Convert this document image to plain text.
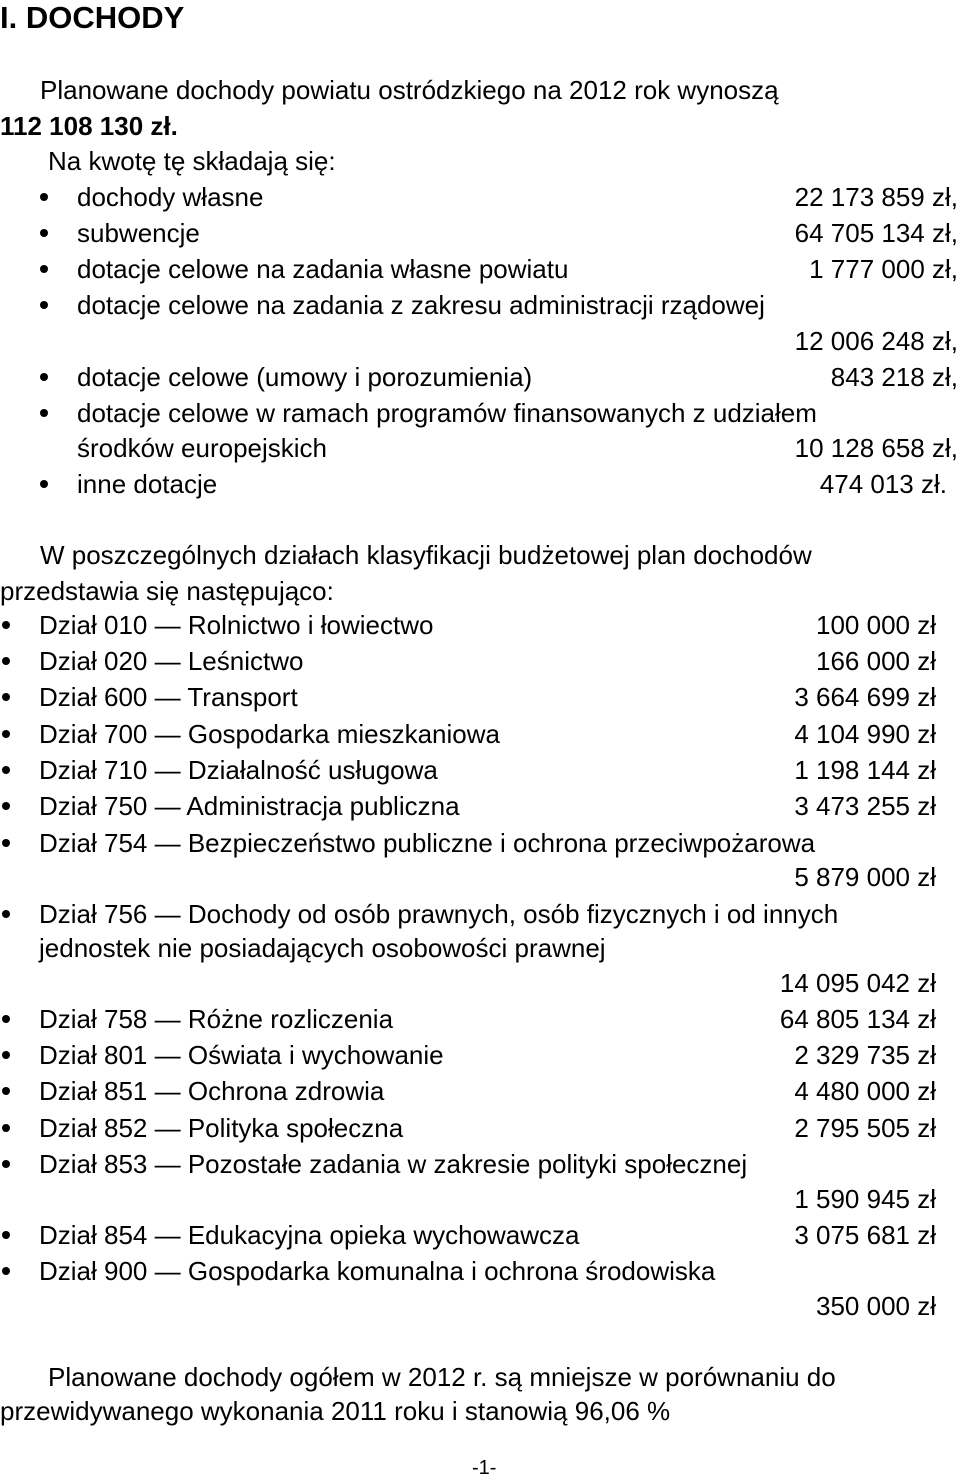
I. DOCHODY
Planowane dochody powiatu ostródzkiego na 2012 rok wynoszą
112 108 130 zł.
Na kwotę tę składają się:
dochody własne	22 173 859 zł,
subwencje	64 705 134 zł,
dotacje celowe na zadania własne powiatu	1 777 000 zł,
dotacje celowe na zadania z zakresu administracji rządowej
12 006 248 zł,
dotacje celowe (umowy i porozumienia)	843 218 zł,
dotacje celowe w ramach programów finansowanych z udziałem
środków europejskich	10 128 658 zł,
inne dotacje	474 013 zł.
W poszczególnych działach klasyfikacji budżetowej plan dochodów
przedstawia się następująco:
Dział 010 — Rolnictwo i łowiectwo	100 000 zł
Dział 020 — Leśnictwo	166 000 zł
Dział 600 — Transport	3 664 699 zł
Dział 700 — Gospodarka mieszkaniowa	4 104 990 zł
Dział 710 — Działalność usługowa	1 198 144 zł
Dział 750 — Administracja publiczna	3 473 255 zł
Dział 754 — Bezpieczeństwo publiczne i ochrona przeciwpożarowa
5 879 000 zł
Dział 756 — Dochody od osób prawnych, osób fizycznych i od innych
jednostek nie posiadających osobowości prawnej
14 095 042 zł
Dział 758 — Różne rozliczenia	64 805 134 zł
Dział 801 — Oświata i wychowanie	2 329 735 zł
Dział 851 — Ochrona zdrowia	4 480 000 zł
Dział 852 — Polityka społeczna	2 795 505 zł
Dział 853 — Pozostałe zadania w zakresie polityki społecznej
1 590 945 zł
Dział 854 — Edukacyjna opieka wychowawcza	3 075 681 zł
Dział 900 — Gospodarka komunalna i ochrona środowiska
350 000 zł
Planowane dochody ogółem w 2012 r. są mniejsze w porównaniu do
przewidywanego wykonania 2011 roku i stanowią 96,06 %
-1-
